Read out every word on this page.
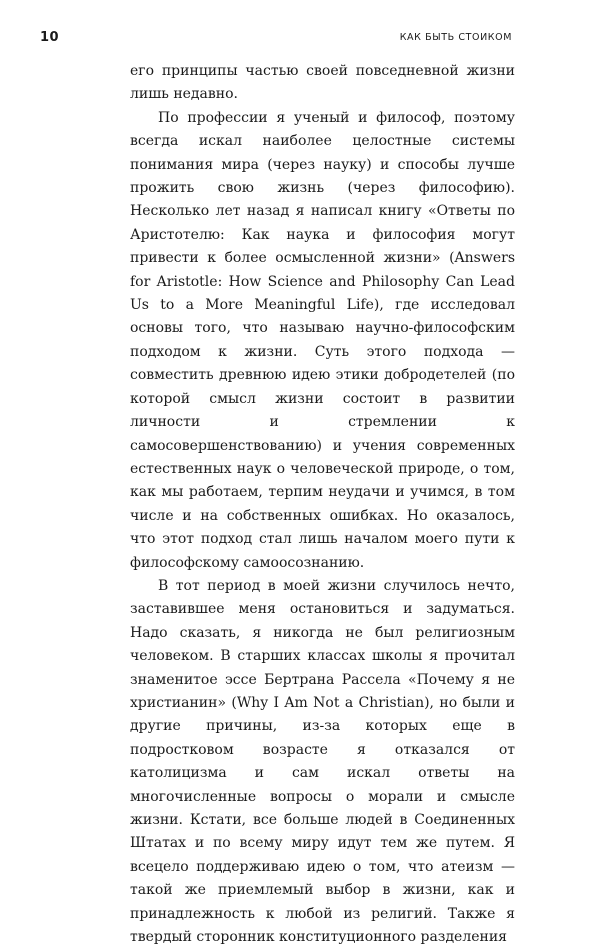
10	КАК БЫТЬ СТОИКОМ

его принципы частью своей повседневной жизни лишь недавно.

По профессии я ученый и философ, поэтому всегда искал наиболее целостные системы понимания мира (через науку) и способы лучше прожить свою жизнь (через философию). Несколько лет назад я написал книгу «Ответы по Аристотелю: Как наука и философия могут привести к более осмысленной жизни» (Answers for Aristotle: How Science and Philosophy Can Lead Us to a More Meaningful Life), где исследовал основы того, что называю научно-философским подходом к жизни. Суть этого подхода — совместить древнюю идею этики добродетелей (по которой смысл жизни состоит в развитии личности и стремлении к самосовершенствованию) и учения современных естественных наук о человеческой природе, о том, как мы работаем, терпим неудачи и учимся, в том числе и на собственных ошибках. Но оказалось, что этот подход стал лишь началом моего пути к философскому самоосознанию.

В тот период в моей жизни случилось нечто, заставившее меня остановиться и задуматься. Надо сказать, я никогда не был религиозным человеком. В старших классах школы я прочитал знаменитое эссе Бертрана Рассела «Почему я не христианин» (Why I Am Not a Christian), но были и другие причины, из-за которых еще в подростковом возрасте я отказался от католицизма и сам искал ответы на многочисленные вопросы о морали и смысле жизни. Кстати, все больше людей в Соединенных Штатах и по всему миру идут тем же путем. Я всецело поддерживаю идею о том, что атеизм — такой же приемлемый выбор в жизни, как и принадлежность к любой из религий. Также я твердый сторонник конституционного разделения
